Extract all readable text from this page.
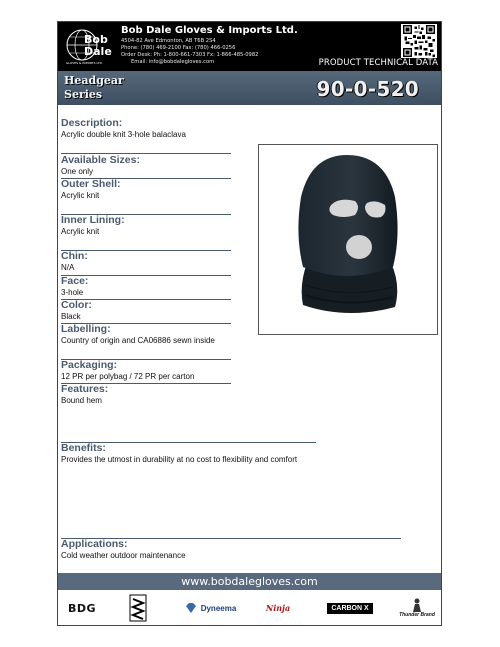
Bob
Dale
GLOVES & IMPORTS LTD.
Bob Dale Gloves & Imports Ltd.
4504-82 Ave Edmonton, AB T6B 2S4
Phone: (780) 469-2100 Fax: (780) 466-0256
Order Desk: Ph: 1-800-661-7303 Fx: 1-866-485-0982
Email: info@bobdalegloves.com	PRODUCT TECHNICAL DATA
Headgear
Series	90-0-520
Description:

Acrylic double knit 3-hole balaclava

Available Sizes:

One only

Outer Shell:

Acrylic knit

Inner Lining:

Acrylic knit

Chin:

N/A

Face:

3-hole

Color:

Black

Labelling:

Country of origin and CA06886 sewn inside

Packaging:

12 PR per polybag / 72 PR per carton

Features:

Bound hem

Benefits:

Provides the utmost in durability at no cost to flexibility and comfort

Applications:

Cold weather outdoor maintenance

www.bobdalegloves.com
BDG	Dyneema	Ninja	CARBON X
Thunder Brand
